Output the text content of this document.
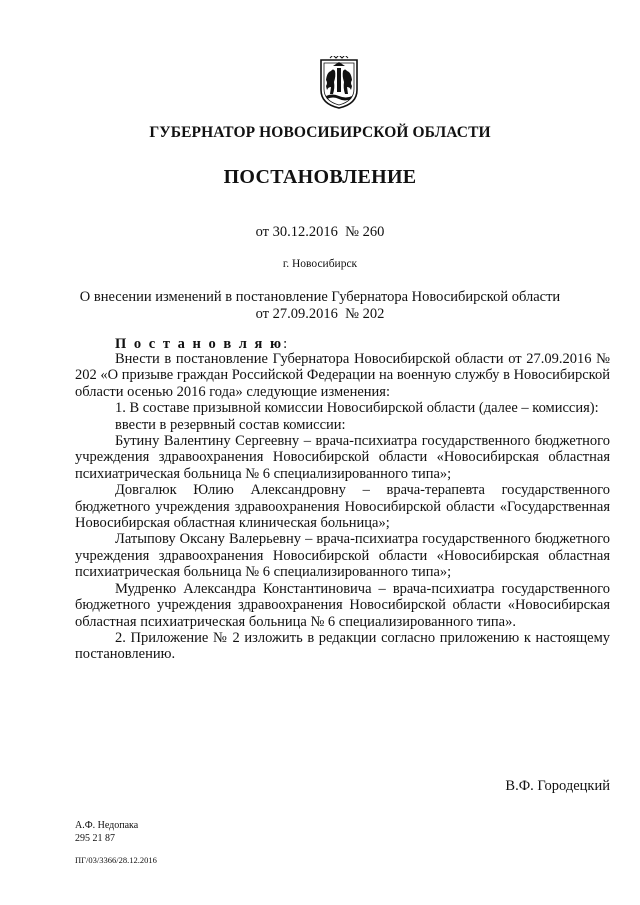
ГУБЕРНАТОР НОВОСИБИРСКОЙ ОБЛАСТИ
ПОСТАНОВЛЕНИЕ
от 30.12.2016  № 260
г. Новосибирск
О внесении изменений в постановление Губернатора Новосибирской области
от 27.09.2016  № 202
П о с т а н о в л я ю:

Внести в постановление Губернатора Новосибирской области от 27.09.2016 № 202 «О призыве граждан Российской Федерации на военную службу в Новосибирской области осенью 2016 года» следующие изменения:

1. В составе призывной комиссии Новосибирской области (далее – комиссия):

ввести в резервный состав комиссии:

Бутину Валентину Сергеевну – врача-психиатра государственного бюджетного учреждения здравоохранения Новосибирской области «Новосибирская областная психиатрическая больница № 6 специализированного типа»;

Довгалюк Юлию Александровну – врача-терапевта государственного бюджетного учреждения здравоохранения Новосибирской области «Государственная Новосибирская областная клиническая больница»;

Латыпову Оксану Валерьевну – врача-психиатра государственного бюджетного учреждения здравоохранения Новосибирской области «Новосибирская областная психиатрическая больница № 6 специализированного типа»;

Мудренко Александра Константиновича – врача-психиатра государственного бюджетного учреждения здравоохранения Новосибирской области «Новосибирская областная психиатрическая больница № 6 специализированного типа».

2. Приложение № 2 изложить в редакции согласно приложению к настоящему постановлению.

В.Ф. Городецкий
А.Ф. Недопака
295 21 87
ПГ/03/3366/28.12.2016
